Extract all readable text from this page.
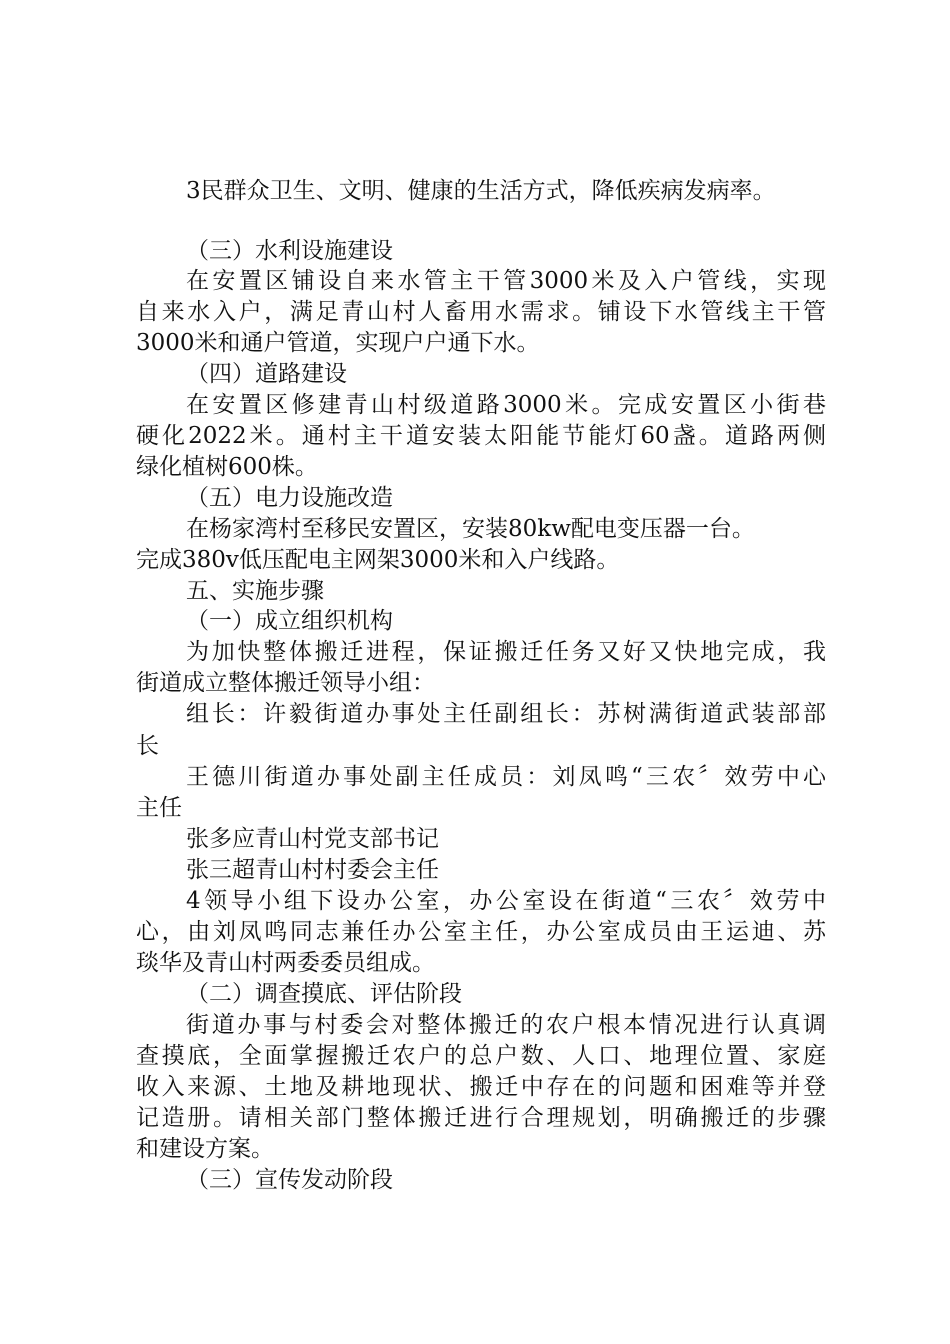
3民群众卫生、文明、健康的生活方式，降低疾病发病率。
（三）水利设施建设
在安置区铺设自来水管主干管3000米及入户管线，实现
自来水入户，满足青山村人畜用水需求。铺设下水管线主干管
3000米和通户管道，实现户户通下水。
（四）道路建设
在安置区修建青山村级道路3000米。完成安置区小街巷
硬化2022米。通村主干道安装太阳能节能灯60盏。道路两侧
绿化植树600株。
（五）电力设施改造
在杨家湾村至移民安置区，安装80kw配电变压器一台。
完成380v低压配电主网架3000米和入户线路。
五、实施步骤
（一）成立组织机构
为加快整体搬迁进程，保证搬迁任务又好又快地完成，我
街道成立整体搬迁领导小组：
组长：许毅街道办事处主任副组长：苏树满街道武装部部
长
王德川街道办事处副主任成员：刘凤鸣“三农〞效劳中心
主任
张多应青山村党支部书记
张三超青山村村委会主任
4领导小组下设办公室，办公室设在街道“三农〞效劳中
心，由刘凤鸣同志兼任办公室主任，办公室成员由王运迪、苏
琰华及青山村两委委员组成。
（二）调查摸底、评估阶段
街道办事与村委会对整体搬迁的农户根本情况进行认真调
查摸底，全面掌握搬迁农户的总户数、人口、地理位置、家庭
收入来源、土地及耕地现状、搬迁中存在的问题和困难等并登
记造册。请相关部门整体搬迁进行合理规划，明确搬迁的步骤
和建设方案。
（三）宣传发动阶段
